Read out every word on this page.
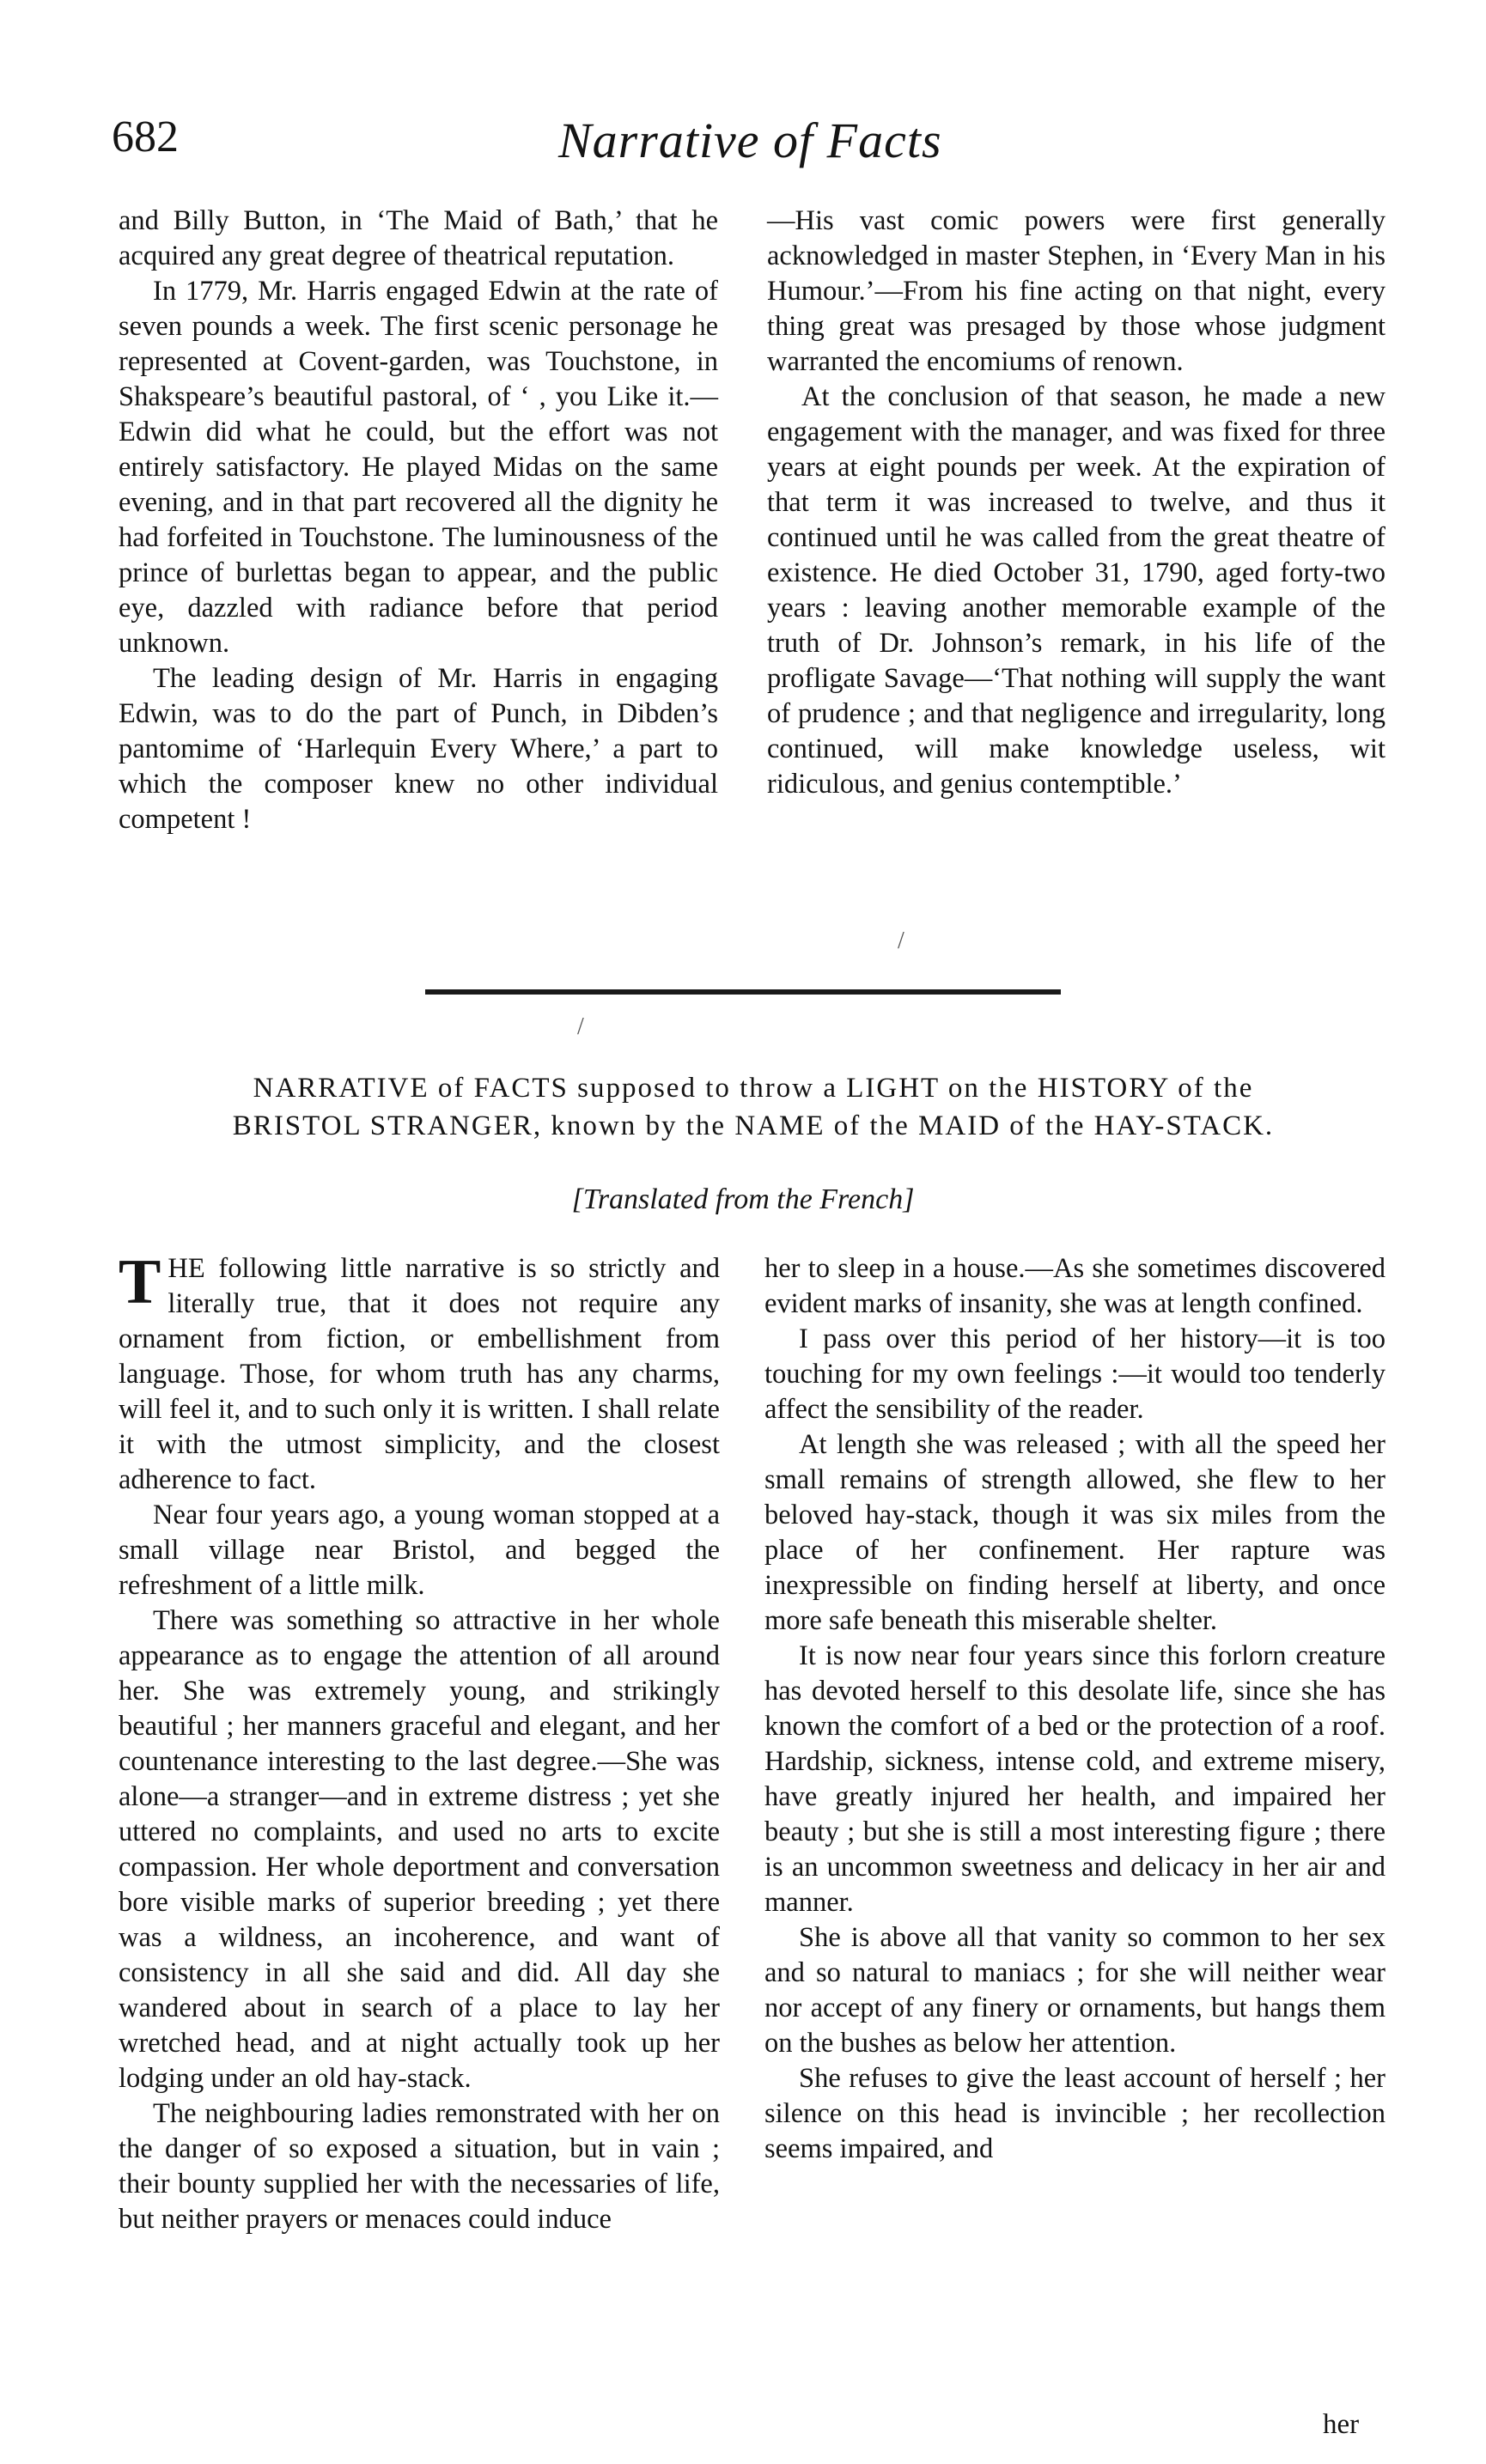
682	Narrative of Facts

and Billy Button, in ‘The Maid of Bath,’ that he acquired any great degree of theatrical reputation.

In 1779, Mr. Harris engaged Edwin at the rate of seven pounds a week. The first scenic personage he represented at Covent-garden, was Touchstone, in Shakspeare’s beautiful pastoral, of ‘ , you Like it.— Edwin did what he could, but the effort was not entirely satisfactory. He played Midas on the same evening, and in that part recovered all the dignity he had forfeited in Touchstone. The luminousness of the prince of burlettas began to appear, and the public eye, dazzled with radiance before that period unknown.

The leading design of Mr. Harris in engaging Edwin, was to do the part of Punch, in Dibden’s pantomime of ‘Harlequin Every Where,’ a part to which the composer knew no other individual competent !

—His vast comic powers were first generally acknowledged in master Stephen, in ‘Every Man in his Humour.’—From his fine acting on that night, every thing great was presaged by those whose judgment warranted the encomiums of renown.

At the conclusion of that season, he made a new engagement with the manager, and was fixed for three years at eight pounds per week. At the expiration of that term it was increased to twelve, and thus it continued until he was called from the great theatre of existence. He died October 31, 1790, aged forty-two years : leaving another memorable example of the truth of Dr. Johnson’s remark, in his life of the profligate Savage—‘That nothing will supply the want of prudence ; and that negligence and irregularity, long continued, will make knowledge useless, wit ridiculous, and genius contemptible.’

/
/
NARRATIVE of FACTS supposed to throw a LIGHT on the HISTORY of the
BRISTOL STRANGER, known by the NAME of the MAID of the HAY-STACK.
[Translated from the French]

THE following little narrative is so strictly and literally true, that it does not require any ornament from fiction, or embellishment from language. Those, for whom truth has any charms, will feel it, and to such only it is written. I shall relate it with the utmost simplicity, and the closest adherence to fact.

Near four years ago, a young woman stopped at a small village near Bristol, and begged the refreshment of a little milk.

There was something so attractive in her whole appearance as to engage the attention of all around her. She was extremely young, and strikingly beautiful ; her manners graceful and elegant, and her countenance interesting to the last degree.—She was alone—a stranger—and in extreme distress ; yet she uttered no complaints, and used no arts to excite compassion. Her whole deportment and conversation bore visible marks of superior breeding ; yet there was a wildness, an incoherence, and want of consistency in all she said and did. All day she wandered about in search of a place to lay her wretched head, and at night actually took up her lodging under an old hay-stack.

The neighbouring ladies remonstrated with her on the danger of so exposed a situation, but in vain ; their bounty supplied her with the necessaries of life, but neither prayers or menaces could induce

her to sleep in a house.—As she sometimes discovered evident marks of insanity, she was at length confined.

I pass over this period of her history—it is too touching for my own feelings :—it would too tenderly affect the sensibility of the reader.

At length she was released ; with all the speed her small remains of strength allowed, she flew to her beloved hay-stack, though it was six miles from the place of her confinement. Her rapture was inexpressible on finding herself at liberty, and once more safe beneath this miserable shelter.

It is now near four years since this forlorn creature has devoted herself to this desolate life, since she has known the comfort of a bed or the protection of a roof. Hardship, sickness, intense cold, and extreme misery, have greatly injured her health, and impaired her beauty ; but she is still a most interesting figure ; there is an uncommon sweetness and delicacy in her air and manner.

She is above all that vanity so common to her sex and so natural to maniacs ; for she will neither wear nor accept of any finery or ornaments, but hangs them on the bushes as below her attention.

She refuses to give the least account of herself ; her silence on this head is invincible ; her recollection seems impaired, and

her
